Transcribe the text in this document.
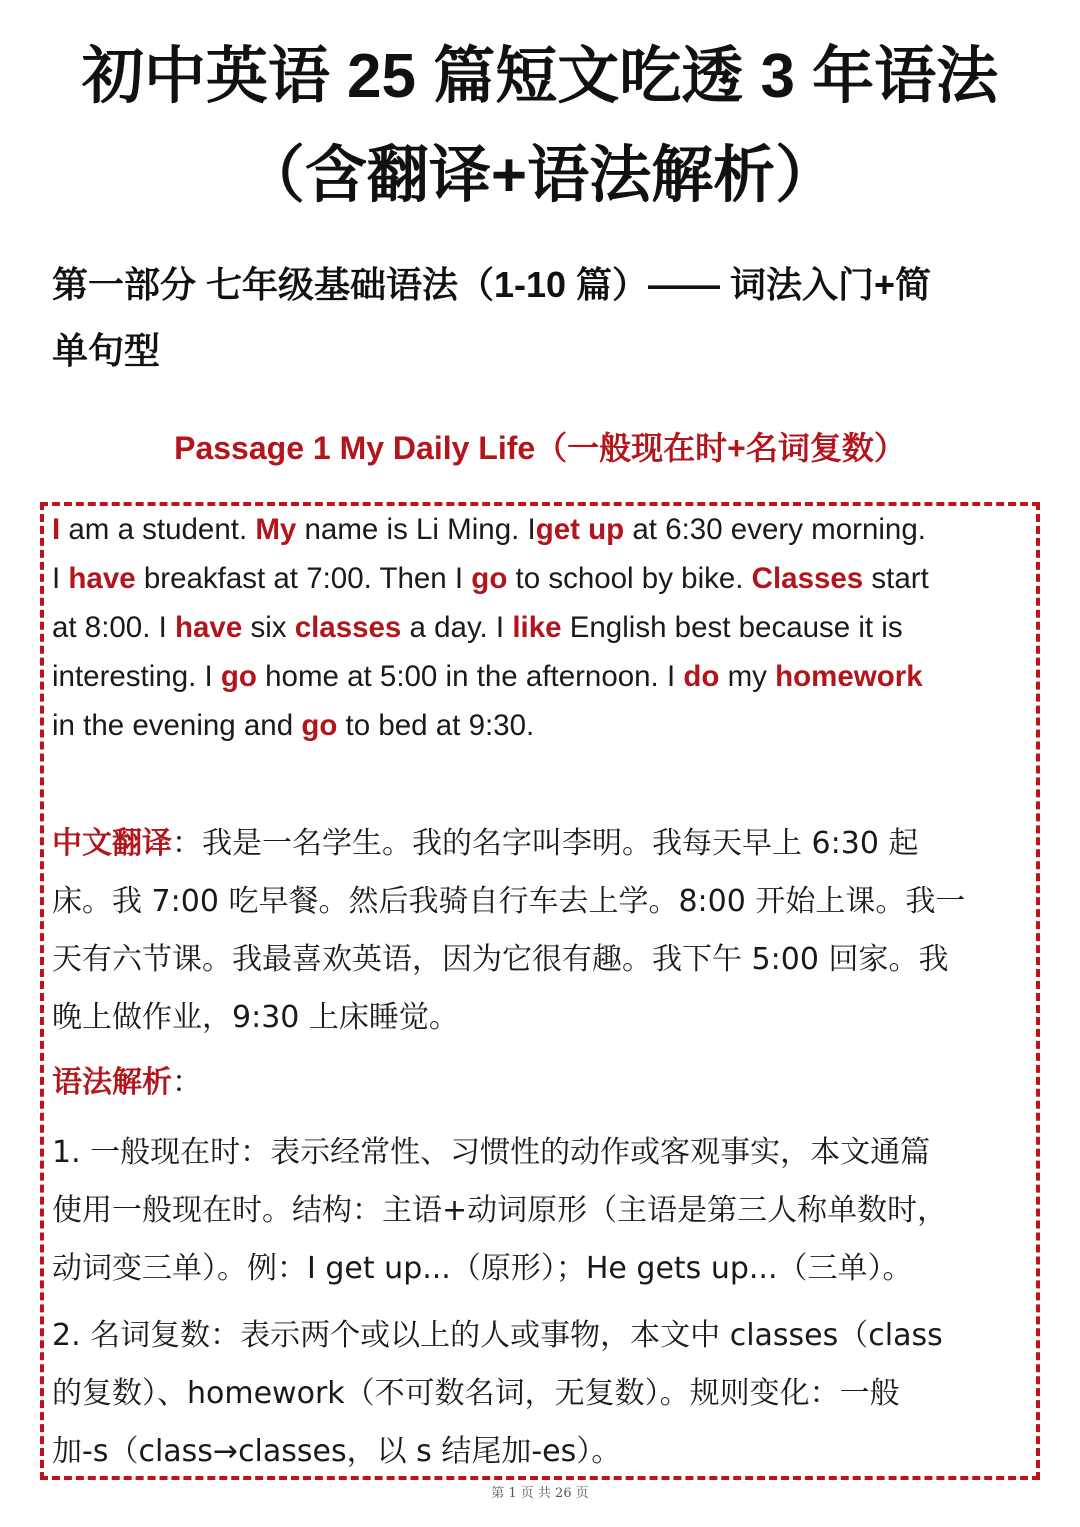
初中英语 25 篇短文吃透 3 年语法
（含翻译+语法解析）
第一部分 七年级基础语法（1-10 篇）—— 词法入门+简
单句型
Passage 1 My Daily Life（一般现在时+名词复数）
I am a student. My name is Li Ming. Iget up at 6:30 every morning.
I have breakfast at 7:00. Then I go to school by bike. Classes start
at 8:00. I have six classes a day. I like English best because it is
interesting. I go home at 5:00 in the afternoon. I do my homework
in the evening and go to bed at 9:30.
中文翻译：我是一名学生。我的名字叫李明。我每天早上 6:30 起
床。我 7:00 吃早餐。然后我骑自行车去上学。8:00 开始上课。我一
天有六节课。我最喜欢英语，因为它很有趣。我下午 5:00 回家。我
晚上做作业，9:30 上床睡觉。
语法解析：
1. 一般现在时：表示经常性、习惯性的动作或客观事实，本文通篇
使用一般现在时。结构：主语+动词原形（主语是第三人称单数时，
动词变三单）。例：I get up...（原形）；He gets up...（三单）。
2. 名词复数：表示两个或以上的人或事物，本文中 classes（class
的复数）、homework（不可数名词，无复数）。规则变化：一般
加-s（class→classes，以 s 结尾加-es）。
第 1 页 共 26 页
